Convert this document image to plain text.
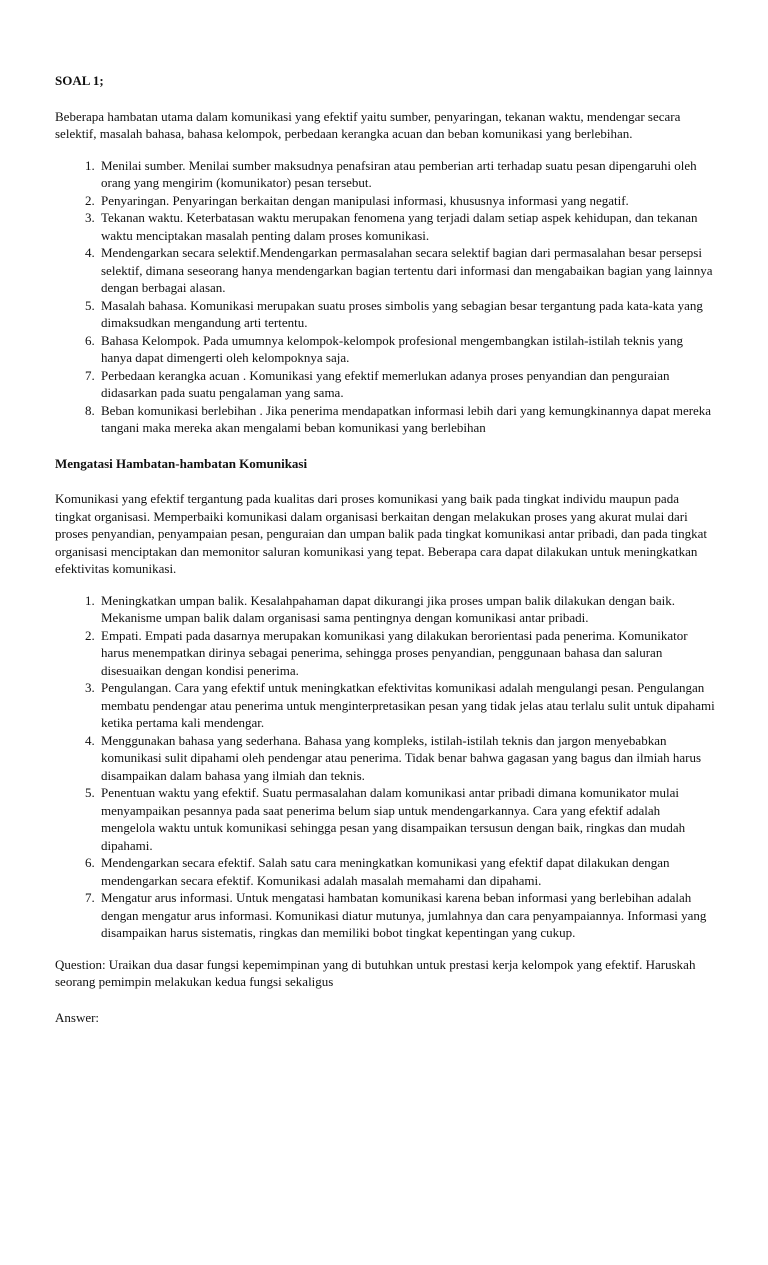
SOAL 1;

Beberapa hambatan utama dalam komunikasi yang efektif yaitu sumber, penyaringan, tekanan waktu, mendengar secara selektif, masalah bahasa, bahasa kelompok, perbedaan kerangka acuan dan beban komunikasi yang berlebihan.

1. Menilai sumber. Menilai sumber maksudnya penafsiran atau pemberian arti terhadap suatu pesan dipengaruhi oleh orang yang mengirim (komunikator) pesan tersebut.
2. Penyaringan. Penyaringan berkaitan dengan manipulasi informasi, khususnya informasi yang negatif.
3. Tekanan waktu. Keterbatasan waktu merupakan fenomena yang terjadi dalam setiap aspek kehidupan, dan tekanan waktu menciptakan masalah penting dalam proses komunikasi.
4. Mendengarkan secara selektif.Mendengarkan permasalahan secara selektif bagian dari permasalahan besar persepsi selektif, dimana seseorang hanya mendengarkan bagian tertentu dari informasi dan mengabaikan bagian yang lainnya dengan berbagai alasan.
5. Masalah bahasa. Komunikasi merupakan suatu proses simbolis yang sebagian besar tergantung pada kata-kata yang dimaksudkan mengandung arti tertentu.
6. Bahasa Kelompok. Pada umumnya kelompok-kelompok profesional mengembangkan istilah-istilah teknis yang hanya dapat dimengerti oleh kelompoknya saja.
7. Perbedaan kerangka acuan . Komunikasi yang efektif memerlukan adanya proses penyandian dan penguraian didasarkan pada suatu pengalaman yang sama.
8. Beban komunikasi berlebihan . Jika penerima mendapatkan informasi lebih dari yang kemungkinannya dapat mereka tangani maka mereka akan mengalami beban komunikasi yang berlebihan

Mengatasi Hambatan-hambatan Komunikasi

Komunikasi yang efektif tergantung pada kualitas dari proses komunikasi yang baik pada tingkat individu maupun pada tingkat organisasi. Memperbaiki komunikasi dalam organisasi berkaitan dengan melakukan proses yang akurat mulai dari proses penyandian, penyampaian pesan, penguraian dan umpan balik pada tingkat komunikasi antar pribadi, dan pada tingkat organisasi menciptakan dan memonitor saluran komunikasi yang tepat. Beberapa cara dapat dilakukan untuk meningkatkan efektivitas komunikasi.

1. Meningkatkan umpan balik. Kesalahpahaman dapat dikurangi jika proses umpan balik dilakukan dengan baik. Mekanisme umpan balik dalam organisasi sama pentingnya dengan komunikasi antar pribadi.
2. Empati. Empati pada dasarnya merupakan komunikasi yang dilakukan berorientasi pada penerima. Komunikator harus menempatkan dirinya sebagai penerima, sehingga proses penyandian, penggunaan bahasa dan saluran disesuaikan dengan kondisi penerima.
3. Pengulangan. Cara yang efektif untuk meningkatkan efektivitas komunikasi adalah mengulangi pesan. Pengulangan membatu pendengar atau penerima untuk menginterpretasikan pesan yang tidak jelas atau terlalu sulit untuk dipahami ketika pertama kali mendengar.
4. Menggunakan bahasa yang sederhana. Bahasa yang kompleks, istilah-istilah teknis dan jargon menyebabkan komunikasi sulit dipahami oleh pendengar atau penerima. Tidak benar bahwa gagasan yang bagus dan ilmiah harus disampaikan dalam bahasa yang ilmiah dan teknis.
5. Penentuan waktu yang efektif. Suatu permasalahan dalam komunikasi antar pribadi dimana komunikator mulai menyampaikan pesannya pada saat penerima belum siap untuk mendengarkannya. Cara yang efektif adalah mengelola waktu untuk komunikasi sehingga pesan yang disampaikan tersusun dengan baik, ringkas dan mudah dipahami.
6. Mendengarkan secara efektif. Salah satu cara meningkatkan komunikasi yang efektif dapat dilakukan dengan mendengarkan secara efektif. Komunikasi adalah masalah memahami dan dipahami.
7. Mengatur arus informasi. Untuk mengatasi hambatan komunikasi karena beban informasi yang berlebihan adalah dengan mengatur arus informasi. Komunikasi diatur mutunya, jumlahnya dan cara penyampaiannya. Informasi yang disampaikan harus sistematis, ringkas dan memiliki bobot tingkat kepentingan yang cukup.

Question: Uraikan dua dasar fungsi kepemimpinan yang di butuhkan untuk prestasi kerja kelompok yang efektif. Haruskah seorang pemimpin melakukan kedua fungsi sekaligus

Answer:
